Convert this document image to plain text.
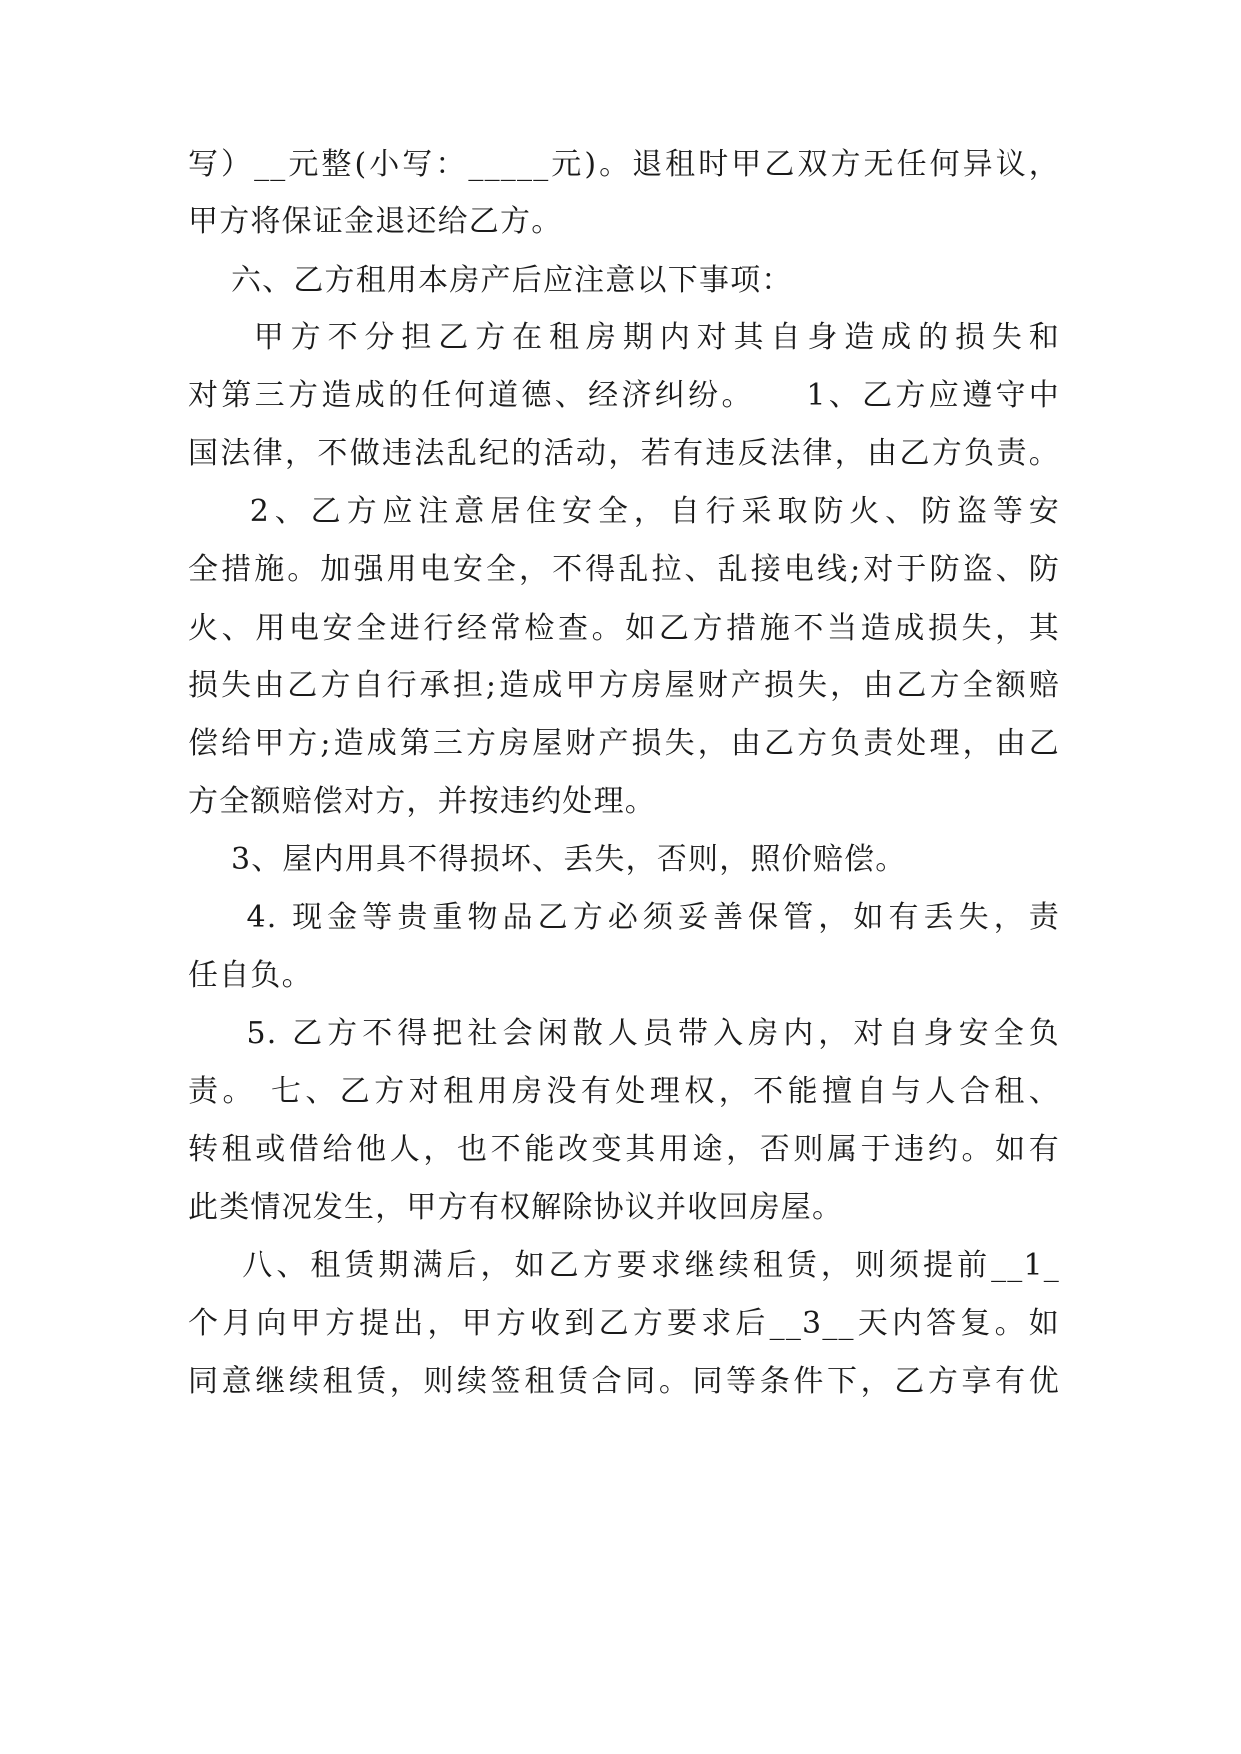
写）__元整(小写：_____元)。退租时甲乙双方无任何异议，
甲方将保证金退还给乙方。
六、乙方租用本房产后应注意以下事项：
甲方不分担乙方在租房期内对其自身造成的损失和
对第三方造成的任何道德、经济纠纷。    1、乙方应遵守中
国法律，不做违法乱纪的活动，若有违反法律，由乙方负责。
2、乙方应注意居住安全，自行采取防火、防盗等安
全措施。加强用电安全，不得乱拉、乱接电线;对于防盗、防
火、用电安全进行经常检查。如乙方措施不当造成损失，其
损失由乙方自行承担;造成甲方房屋财产损失，由乙方全额赔
偿给甲方;造成第三方房屋财产损失，由乙方负责处理，由乙
方全额赔偿对方，并按违约处理。
3、屋内用具不得损坏、丢失，否则，照价赔偿。
4. 现金等贵重物品乙方必须妥善保管，如有丢失，责
任自负。
5. 乙方不得把社会闲散人员带入房内，对自身安全负
责。 七、乙方对租用房没有处理权，不能擅自与人合租、
转租或借给他人，也不能改变其用途，否则属于违约。如有
此类情况发生，甲方有权解除协议并收回房屋。
八、租赁期满后，如乙方要求继续租赁，则须提前__1_
个月向甲方提出，甲方收到乙方要求后__3__天内答复。如
同意继续租赁，则续签租赁合同。同等条件下，乙方享有优
